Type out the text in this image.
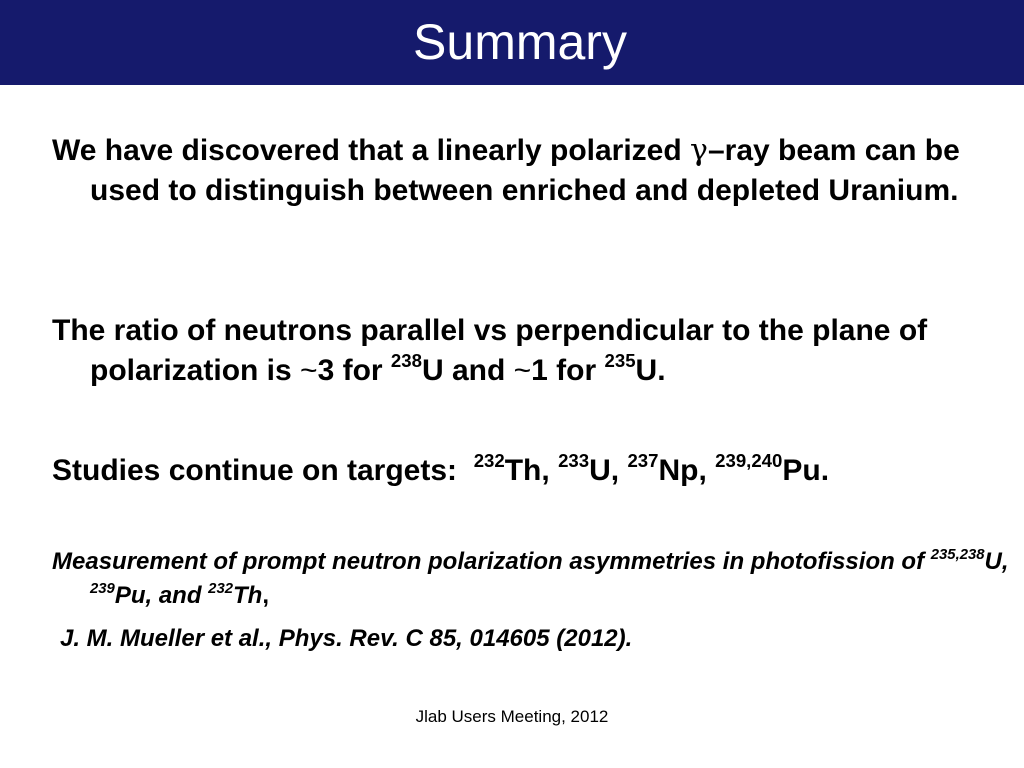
Summary
We have discovered that a linearly polarized γ–ray beam can be used to distinguish between enriched and depleted Uranium.
The ratio of neutrons parallel vs perpendicular to the plane of polarization is ~3 for $^{238}$U and ~1 for $^{235}$U.
Studies continue on targets:  $^{232}$Th, $^{233}$U, $^{237}$Np, $^{239,240}$Pu.
Measurement of prompt neutron polarization asymmetries in photofission of $^{235,238}$U, $^{239}$Pu, and $^{232}$Th,
J. M. Mueller et al., Phys. Rev. C 85, 014605 (2012).
Jlab Users Meeting, 2012
